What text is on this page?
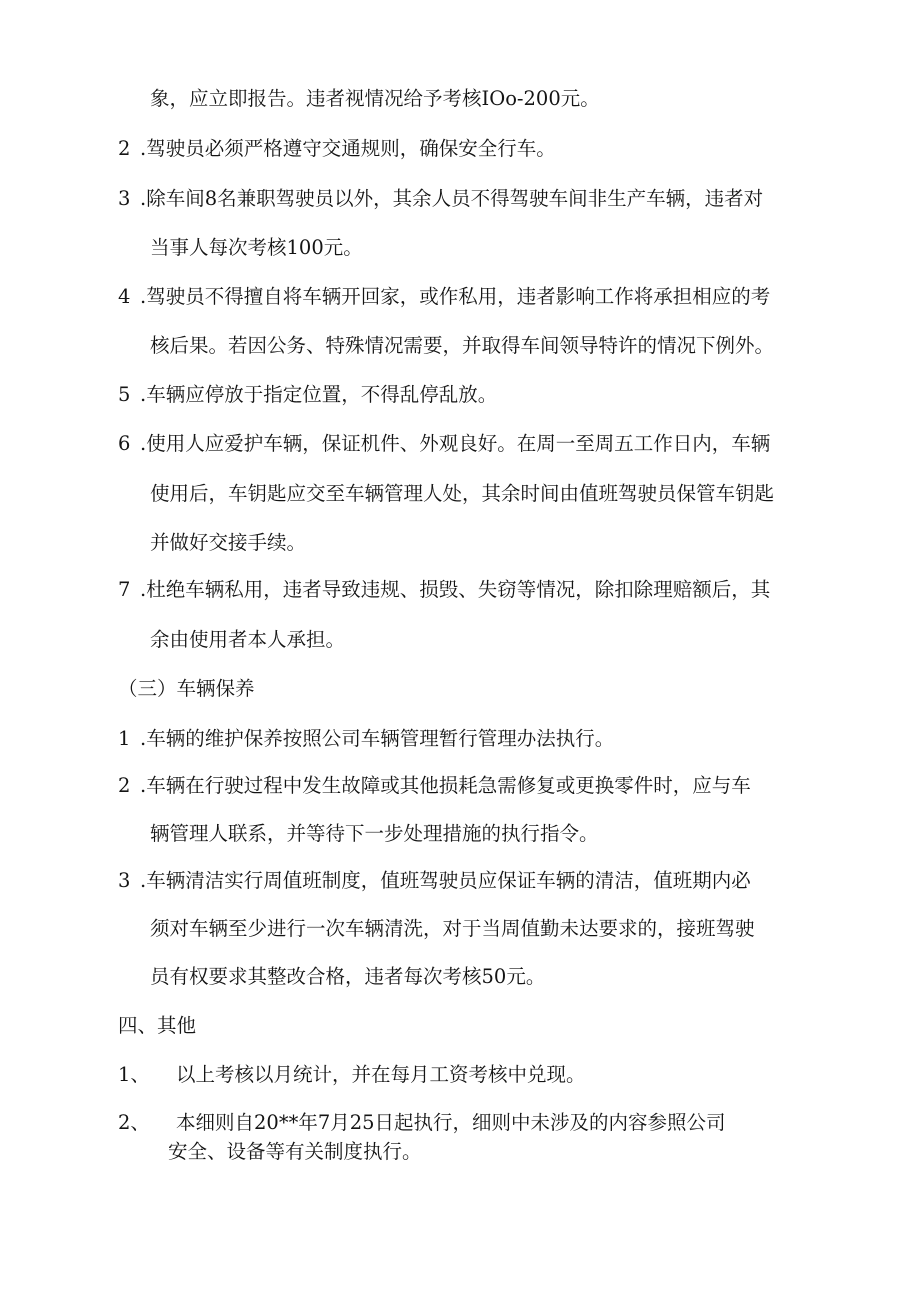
象，应立即报告。违者视情况给予考核IOo-200元。
2 .驾驶员必须严格遵守交通规则，确保安全行车。
3 .除车间8名兼职驾驶员以外，其余人员不得驾驶车间非生产车辆，违者对
当事人每次考核100元。
4 .驾驶员不得擅自将车辆开回家，或作私用，违者影响工作将承担相应的考
核后果。若因公务、特殊情况需要，并取得车间领导特许的情况下例外。
5 .车辆应停放于指定位置，不得乱停乱放。
6 .使用人应爱护车辆，保证机件、外观良好。在周一至周五工作日内，车辆
使用后，车钥匙应交至车辆管理人处，其余时间由值班驾驶员保管车钥匙
并做好交接手续。
7 .杜绝车辆私用，违者导致违规、损毁、失窃等情况，除扣除理赔额后，其
余由使用者本人承担。
（三）车辆保养
1 .车辆的维护保养按照公司车辆管理暂行管理办法执行。
2 .车辆在行驶过程中发生故障或其他损耗急需修复或更换零件时，应与车
辆管理人联系，并等待下一步处理措施的执行指令。
3 .车辆清洁实行周值班制度，值班驾驶员应保证车辆的清洁，值班期内必
须对车辆至少进行一次车辆清洗，对于当周值勤未达要求的，接班驾驶
员有权要求其整改合格，违者每次考核50元。
四、其他
1、 以上考核以月统计，并在每月工资考核中兑现。
2、 本细则自20**年7月25日起执行，细则中未涉及的内容参照公司
安全、设备等有关制度执行。
